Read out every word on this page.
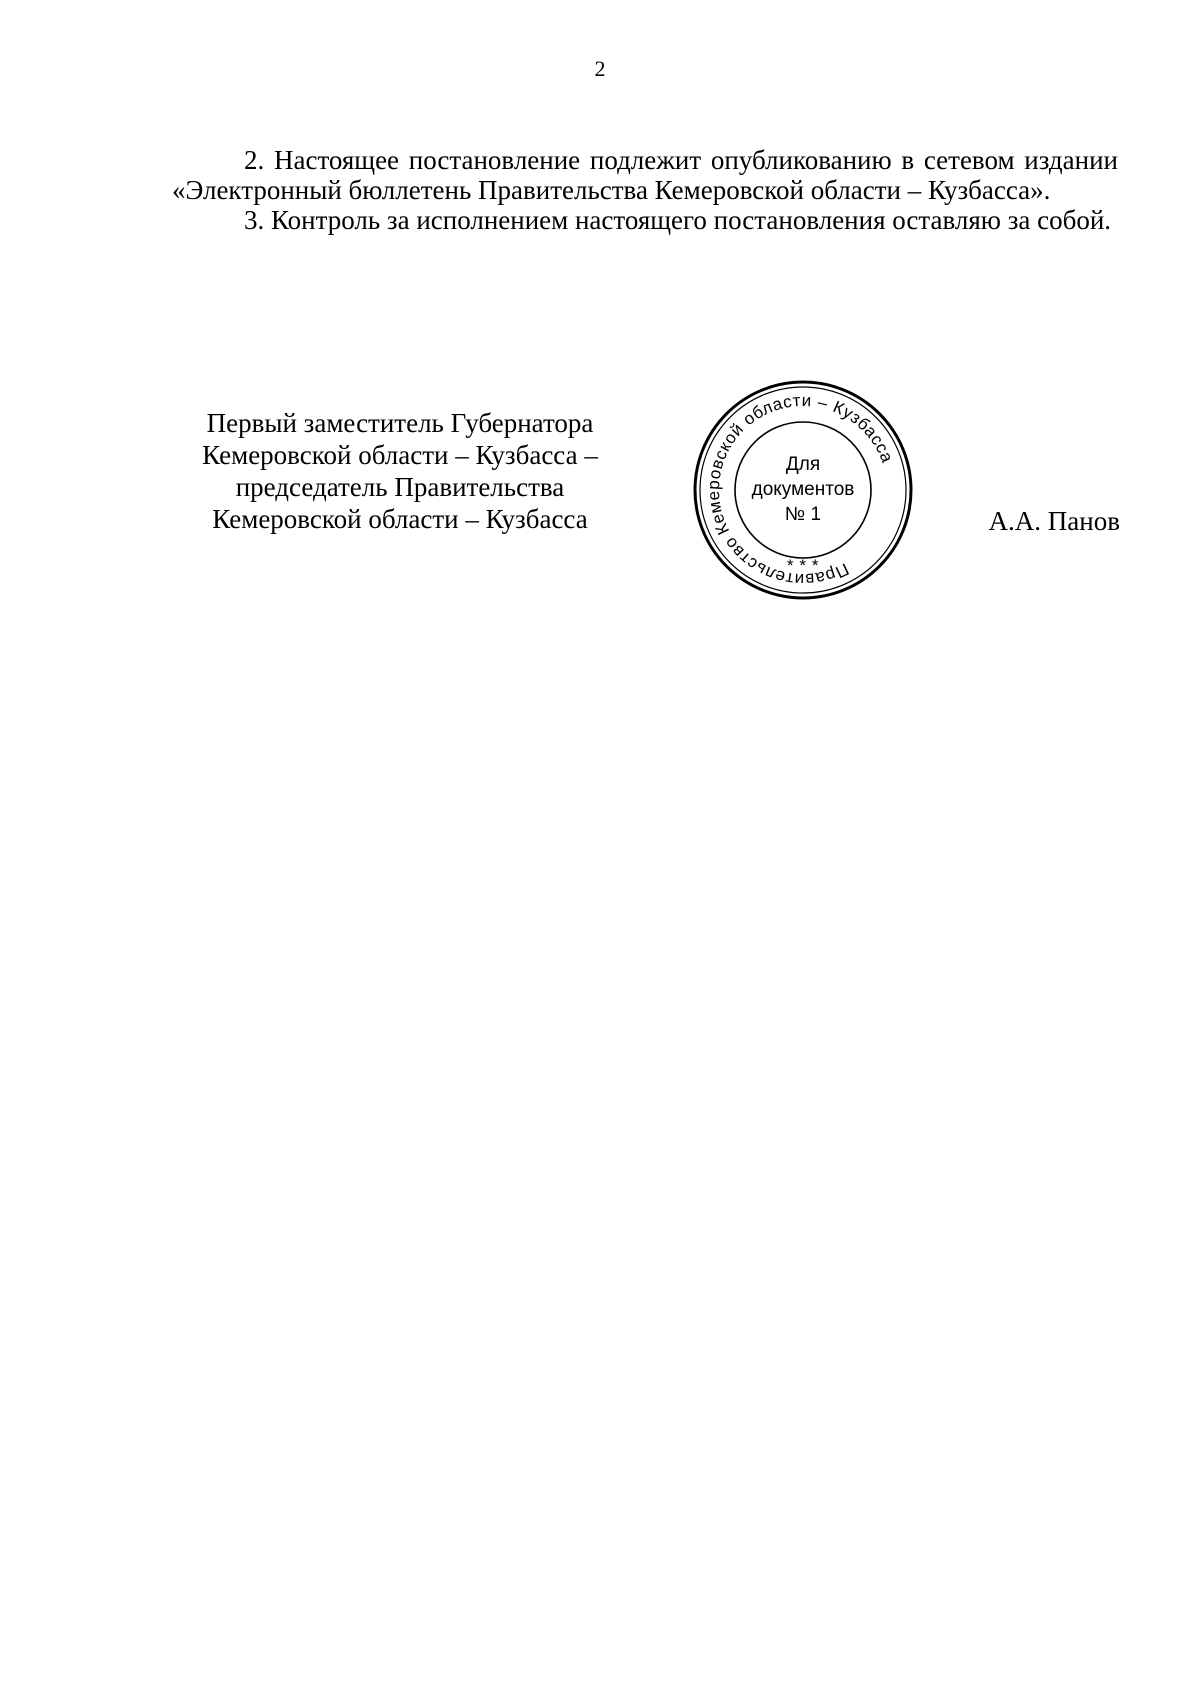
2

2. Настоящее постановление подлежит опубликованию в сетевом издании «Электронный бюллетень Правительства Кемеровской области – Кузбасса».

3. Контроль за исполнением настоящего постановления оставляю за собой.

Первый заместитель Губернатора
Кемеровской области – Кузбасса –
председатель Правительства
Кемеровской области – Кузбасса
Правительство Кемеровской области – Кузбасса
* * *
Для
документов
№ 1	А.А. Панов
